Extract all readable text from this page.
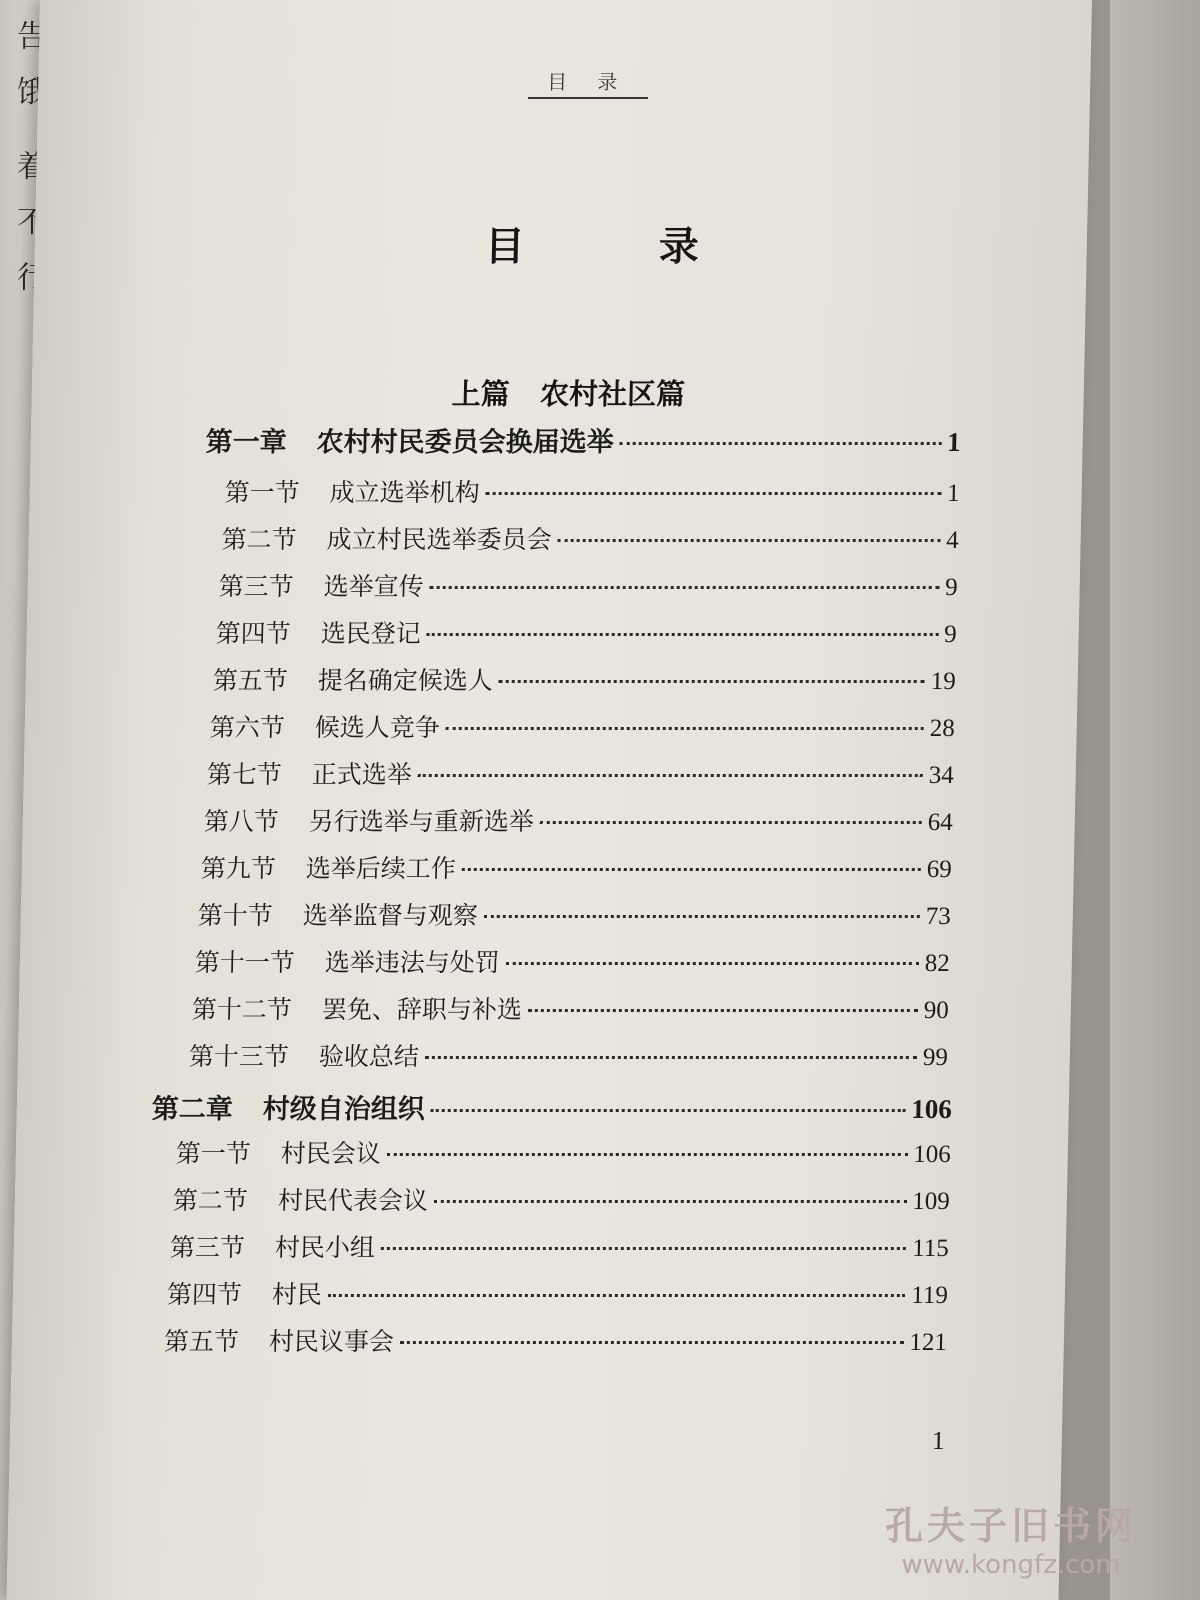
告 饿
着 不 行 ，
目 录
目 录
上篇   农村社区篇
第一章 农村村民委员会换届选举	1
第一节 成立选举机构	1
第二节 成立村民选举委员会	4
第三节 选举宣传	9
第四节 选民登记	9
第五节 提名确定候选人	19
第六节 候选人竞争	28
第七节 正式选举	34
第八节 另行选举与重新选举	64
第九节 选举后续工作	69
第十节 选举监督与观察	73
第十一节 选举违法与处罚	82
第十二节 罢免、辞职与补选	90
第十三节 验收总结	99
第二章 村级自治组织	106
第一节 村民会议	106
第二节 村民代表会议	109
第三节 村民小组	115
第四节 村民	119
第五节 村民议事会	121
1
孔夫子旧书网
www.kongfz.com
